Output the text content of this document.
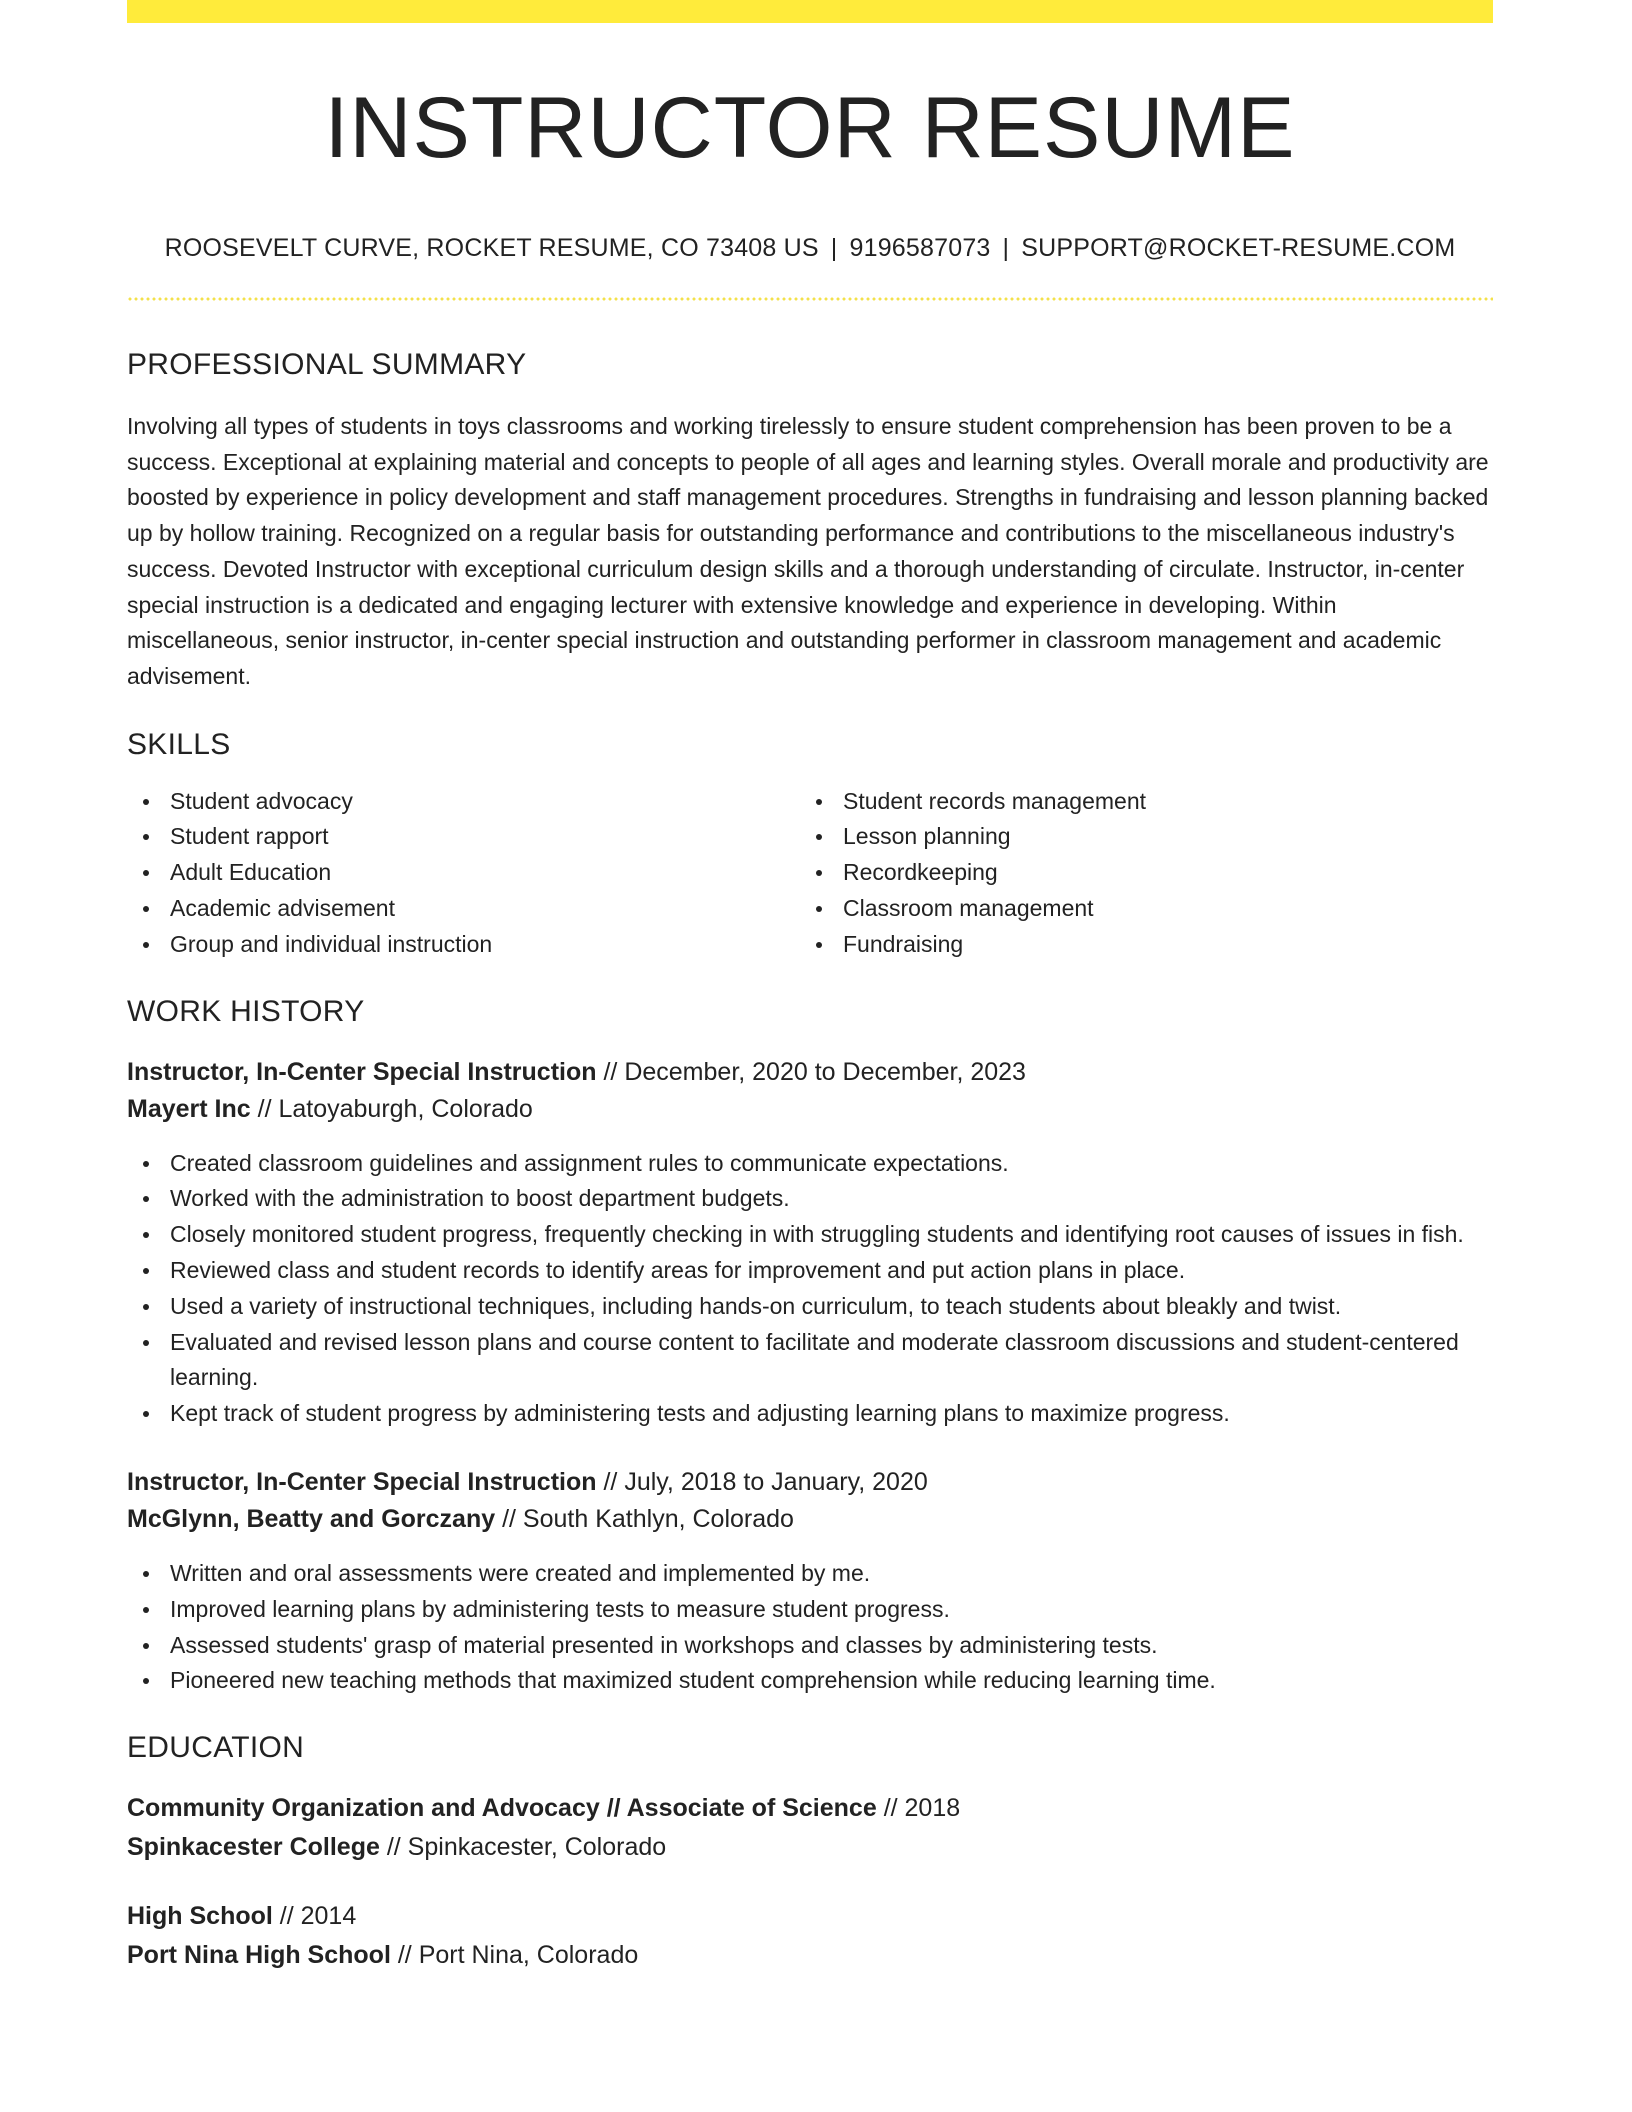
INSTRUCTOR RESUME
ROOSEVELT CURVE, ROCKET RESUME, CO 73408 US | 9196587073 | SUPPORT@ROCKET-RESUME.COM
PROFESSIONAL SUMMARY

Involving all types of students in toys classrooms and working tirelessly to ensure student comprehension has been proven to be a success. Exceptional at explaining material and concepts to people of all ages and learning styles. Overall morale and productivity are boosted by experience in policy development and staff management procedures. Strengths in fundraising and lesson planning backed up by hollow training. Recognized on a regular basis for outstanding performance and contributions to the miscellaneous industry's success. Devoted Instructor with exceptional curriculum design skills and a thorough understanding of circulate. Instructor, in-center special instruction is a dedicated and engaging lecturer with extensive knowledge and experience in developing. Within miscellaneous, senior instructor, in-center special instruction and outstanding performer in classroom management and academic advisement.

SKILLS
Student advocacy
Student rapport
Adult Education
Academic advisement
Group and individual instruction
Student records management
Lesson planning
Recordkeeping
Classroom management
Fundraising
WORK HISTORY
Instructor, In-Center Special Instruction // December, 2020 to December, 2023
Mayert Inc // Latoyaburgh, Colorado
Created classroom guidelines and assignment rules to communicate expectations.
Worked with the administration to boost department budgets.
Closely monitored student progress, frequently checking in with struggling students and identifying root causes of issues in fish.
Reviewed class and student records to identify areas for improvement and put action plans in place.
Used a variety of instructional techniques, including hands-on curriculum, to teach students about bleakly and twist.
Evaluated and revised lesson plans and course content to facilitate and moderate classroom discussions and student-centered learning.
Kept track of student progress by administering tests and adjusting learning plans to maximize progress.
Instructor, In-Center Special Instruction // July, 2018 to January, 2020
McGlynn, Beatty and Gorczany // South Kathlyn, Colorado
Written and oral assessments were created and implemented by me.
Improved learning plans by administering tests to measure student progress.
Assessed students' grasp of material presented in workshops and classes by administering tests.
Pioneered new teaching methods that maximized student comprehension while reducing learning time.
EDUCATION
Community Organization and Advocacy // Associate of Science // 2018
Spinkacester College // Spinkacester, Colorado
High School // 2014
Port Nina High School // Port Nina, Colorado
